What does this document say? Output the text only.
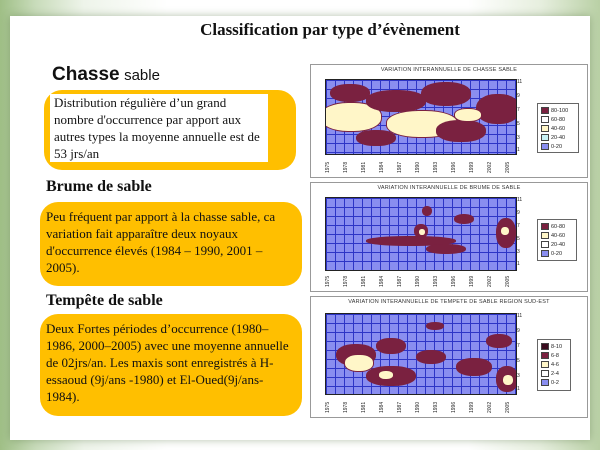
Classification par type d’évènement
Chasse sable
Distribution régulière d’un grand nombre d'occurrence par apport aux autres types la moyenne annuelle est de 53 jrs/an
Brume de sable
Peu fréquent par apport à la chasse sable, ca variation fait apparaître deux noyaux d'occurrence élevés (1984 – 1990, 2001 – 2005).
Tempête de sable
Deux Fortes périodes d’occurrence (1980–1986, 2000–2005) avec une moyenne annuelle de 02jrs/an. Les maxis sont enregistrés à H-essaoud (9j/ans -1980) et El-Oued(9j/ans- 1984).
VARIATION INTERANNUELLE DE CHASSE SABLE
11
9
7
5
3
1
1975 1978 1981 1984 1987 1990 1993 1996 1999 2002 2005
80-100
60-80
40-60
20-40
0-20
VARIATION INTERANNUELLE DE BRUME DE SABLE
11
9
7
5
3
1
1975 1978 1981 1984 1987 1990 1993 1996 1999 2002 2005
60-80
40-60
20-40
0-20
VARIATION INTERANNUELLE DE TEMPETE DE SABLE REGION SUD-EST
11
9
7
5
3
1
1975 1978 1981 1984 1987 1990 1993 1996 1999 2002 2005
8-10
6-8
4-6
2-4
0-2
